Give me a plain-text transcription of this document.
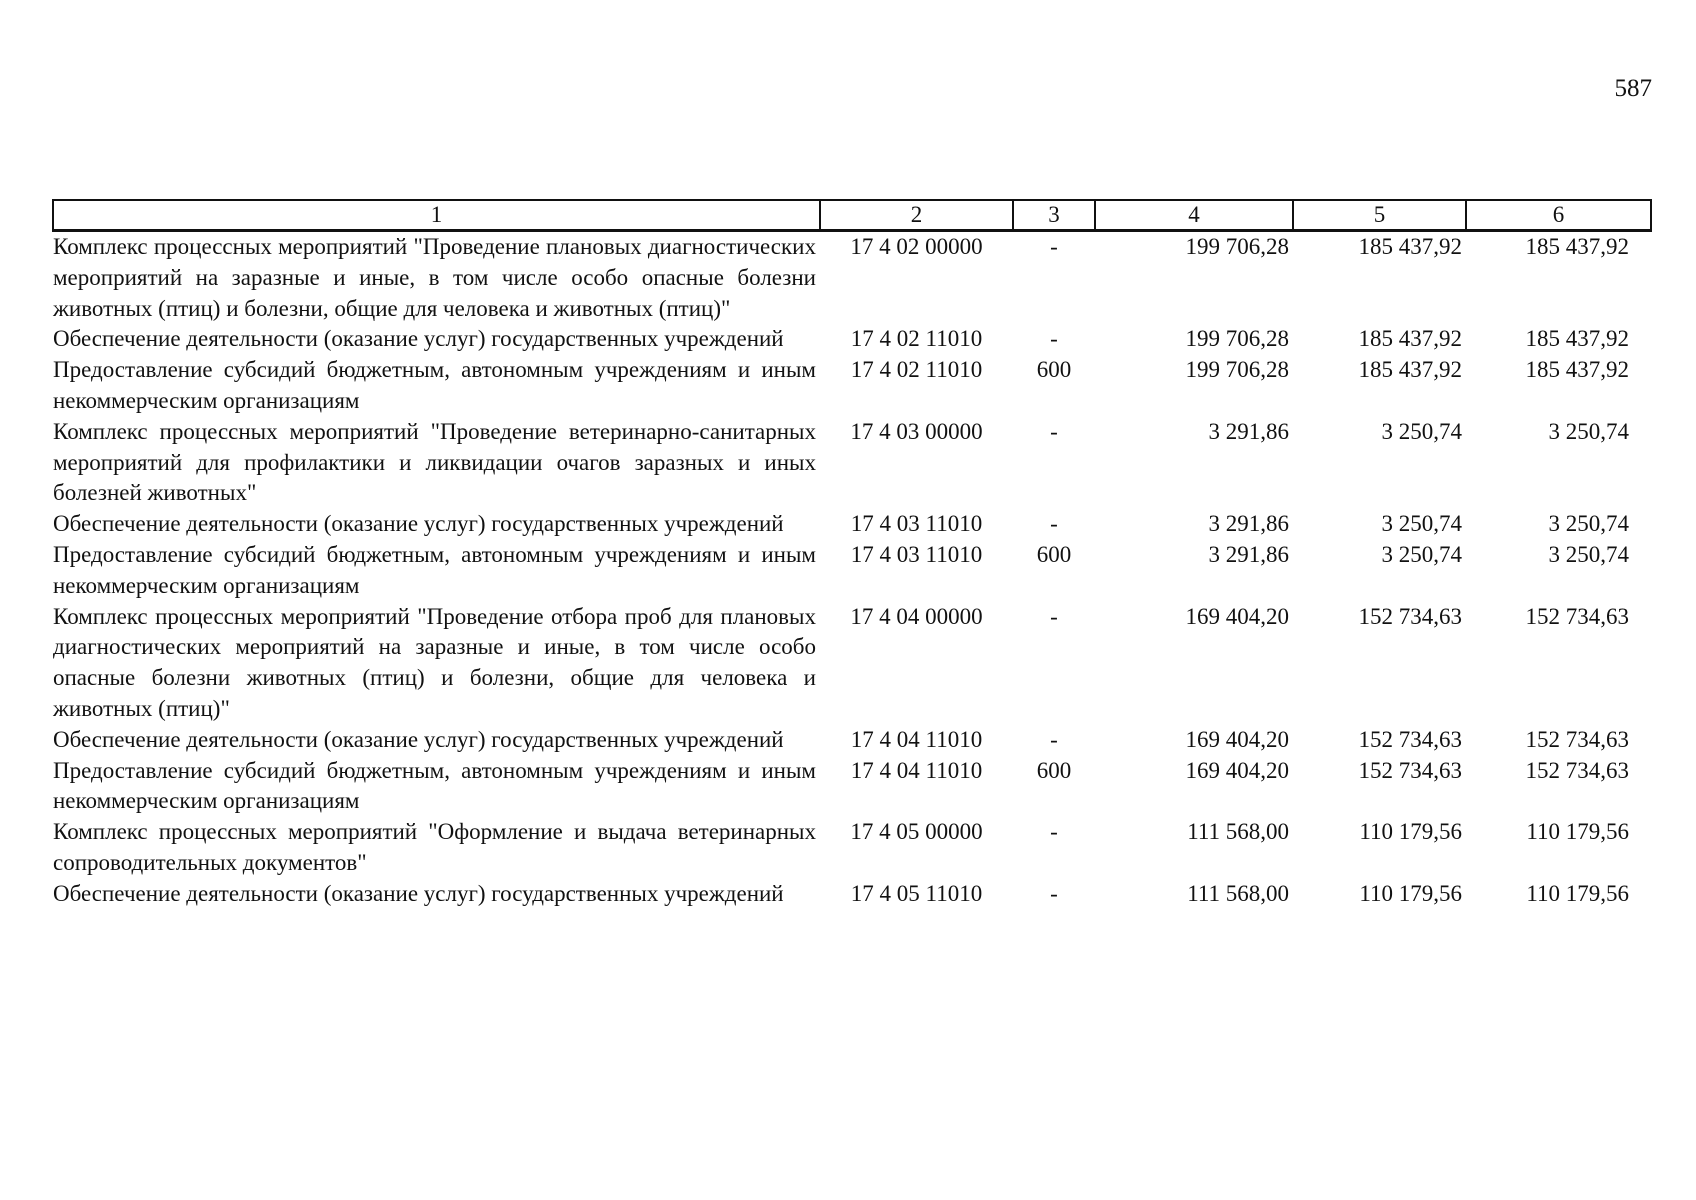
587
1	2	3	4	5	6
Комплекс процессных мероприятий "Проведение плановых диагностических мероприятий на заразные и иные, в том числе особо опасные болезни животных (птиц) и болезни, общие для человека и животных (птиц)"	17 4 02 00000	-	199 706,28	185 437,92	185 437,92
Обеспечение деятельности (оказание услуг) государственных учреждений	17 4 02 11010	-	199 706,28	185 437,92	185 437,92
Предоставление субсидий бюджетным, автономным учреждениям и иным некоммерческим организациям	17 4 02 11010	600	199 706,28	185 437,92	185 437,92
Комплекс процессных мероприятий "Проведение ветеринарно-санитарных мероприятий для профилактики и ликвидации очагов заразных и иных болезней животных"	17 4 03 00000	-	3 291,86	3 250,74	3 250,74
Обеспечение деятельности (оказание услуг) государственных учреждений	17 4 03 11010	-	3 291,86	3 250,74	3 250,74
Предоставление субсидий бюджетным, автономным учреждениям и иным некоммерческим организациям	17 4 03 11010	600	3 291,86	3 250,74	3 250,74
Комплекс процессных мероприятий "Проведение отбора проб для плановых диагностических мероприятий на заразные и иные, в том числе особо опасные болезни животных (птиц) и болезни, общие для человека и животных (птиц)"	17 4 04 00000	-	169 404,20	152 734,63	152 734,63
Обеспечение деятельности (оказание услуг) государственных учреждений	17 4 04 11010	-	169 404,20	152 734,63	152 734,63
Предоставление субсидий бюджетным, автономным учреждениям и иным некоммерческим организациям	17 4 04 11010	600	169 404,20	152 734,63	152 734,63
Комплекс процессных мероприятий "Оформление и выдача ветеринарных сопроводительных документов"	17 4 05 00000	-	111 568,00	110 179,56	110 179,56
Обеспечение деятельности (оказание услуг) государственных учреждений	17 4 05 11010	-	111 568,00	110 179,56	110 179,56
